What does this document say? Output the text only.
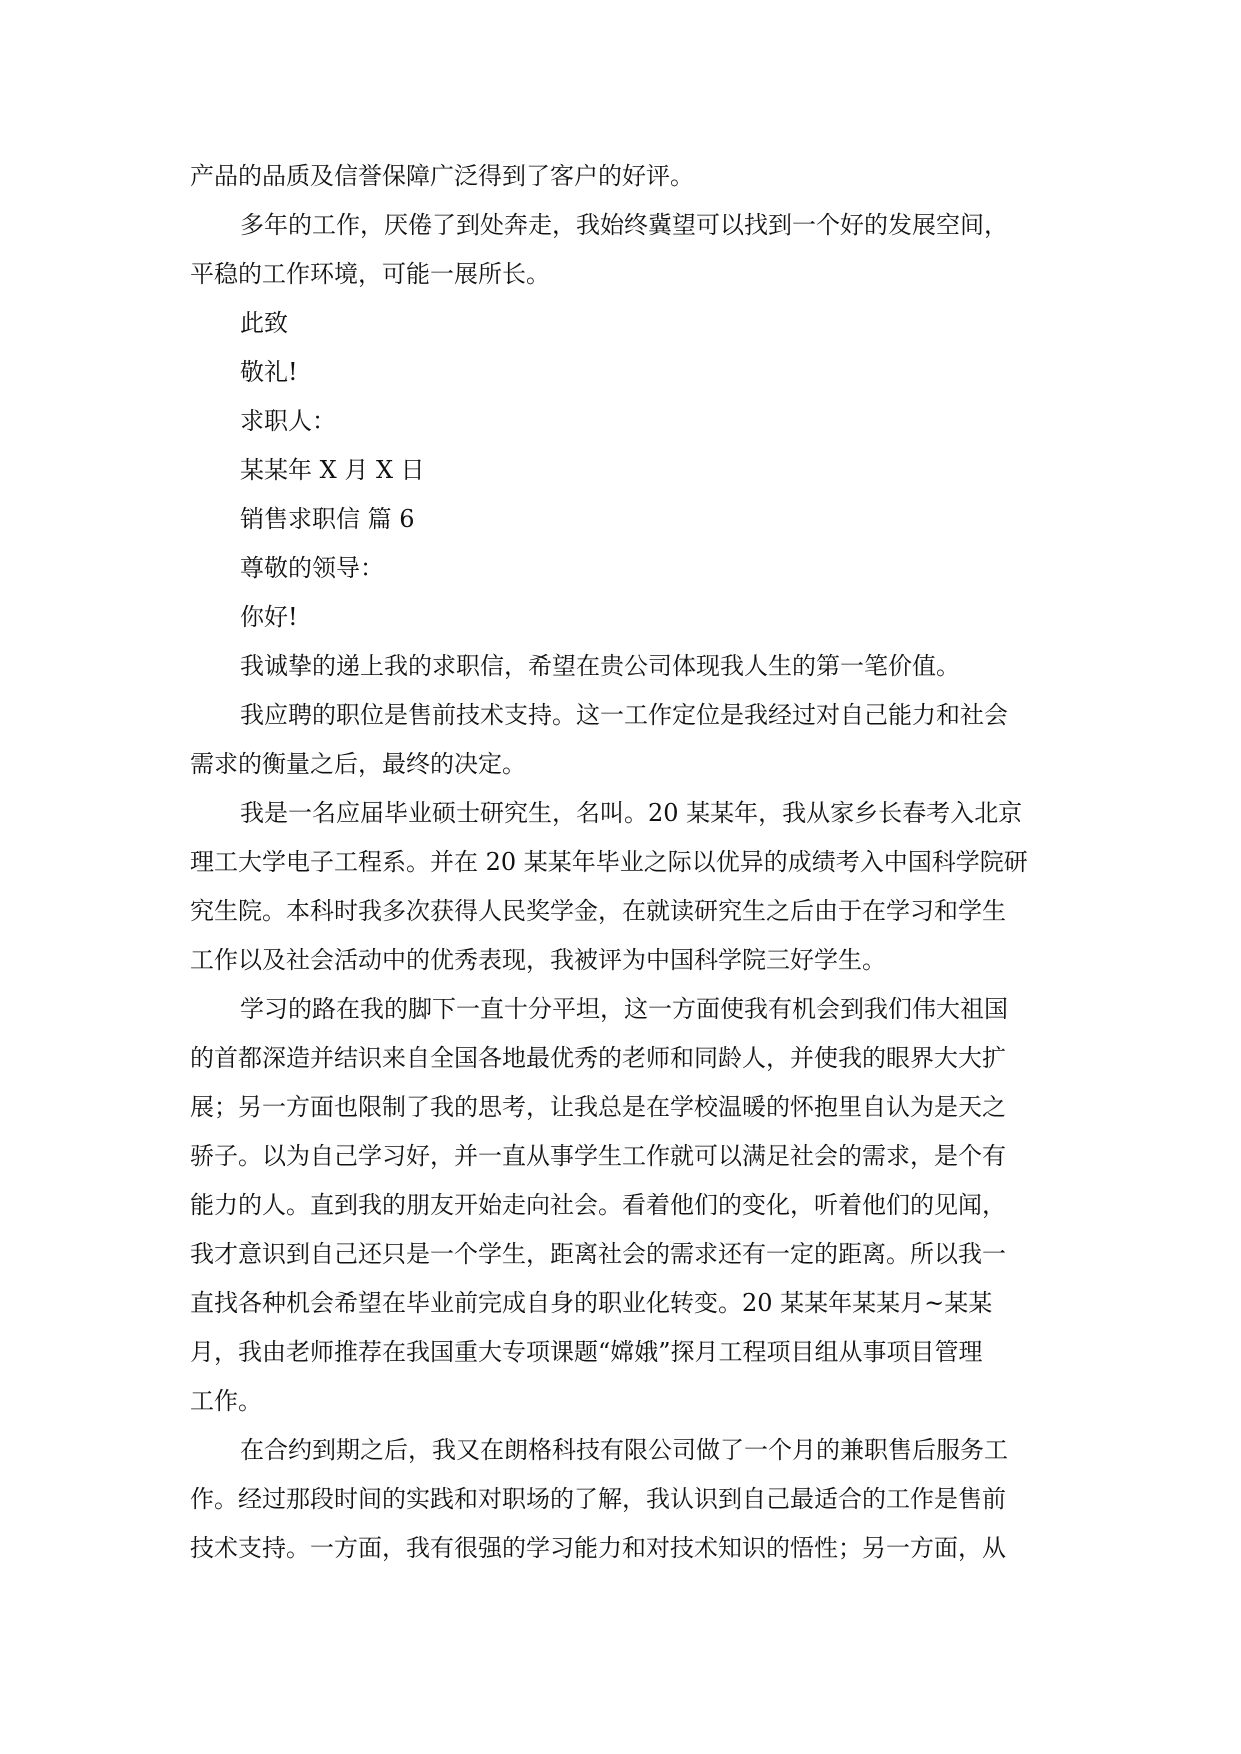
产品的品质及信誉保障广泛得到了客户的好评。
多年的工作，厌倦了到处奔走，我始终冀望可以找到一个好的发展空间，
平稳的工作环境，可能一展所长。
此致
敬礼!
求职人：
某某年 X 月 X 日
销售求职信 篇 6
尊敬的领导：
你好!
我诚挚的递上我的求职信，希望在贵公司体现我人生的第一笔价值。
我应聘的职位是售前技术支持。这一工作定位是我经过对自己能力和社会
需求的衡量之后，最终的决定。
我是一名应届毕业硕士研究生，名叫。20 某某年，我从家乡长春考入北京
理工大学电子工程系。并在 20 某某年毕业之际以优异的成绩考入中国科学院研
究生院。本科时我多次获得人民奖学金，在就读研究生之后由于在学习和学生
工作以及社会活动中的优秀表现，我被评为中国科学院三好学生。
学习的路在我的脚下一直十分平坦，这一方面使我有机会到我们伟大祖国
的首都深造并结识来自全国各地最优秀的老师和同龄人，并使我的眼界大大扩
展；另一方面也限制了我的思考，让我总是在学校温暖的怀抱里自认为是天之
骄子。以为自己学习好，并一直从事学生工作就可以满足社会的需求，是个有
能力的人。直到我的朋友开始走向社会。看着他们的变化，听着他们的见闻，
我才意识到自己还只是一个学生，距离社会的需求还有一定的距离。所以我一
直找各种机会希望在毕业前完成自身的职业化转变。20 某某年某某月~某某
月，我由老师推荐在我国重大专项课题“嫦娥”探月工程项目组从事项目管理
工作。
在合约到期之后，我又在朗格科技有限公司做了一个月的兼职售后服务工
作。经过那段时间的实践和对职场的了解，我认识到自己最适合的工作是售前
技术支持。一方面，我有很强的学习能力和对技术知识的悟性；另一方面，从
